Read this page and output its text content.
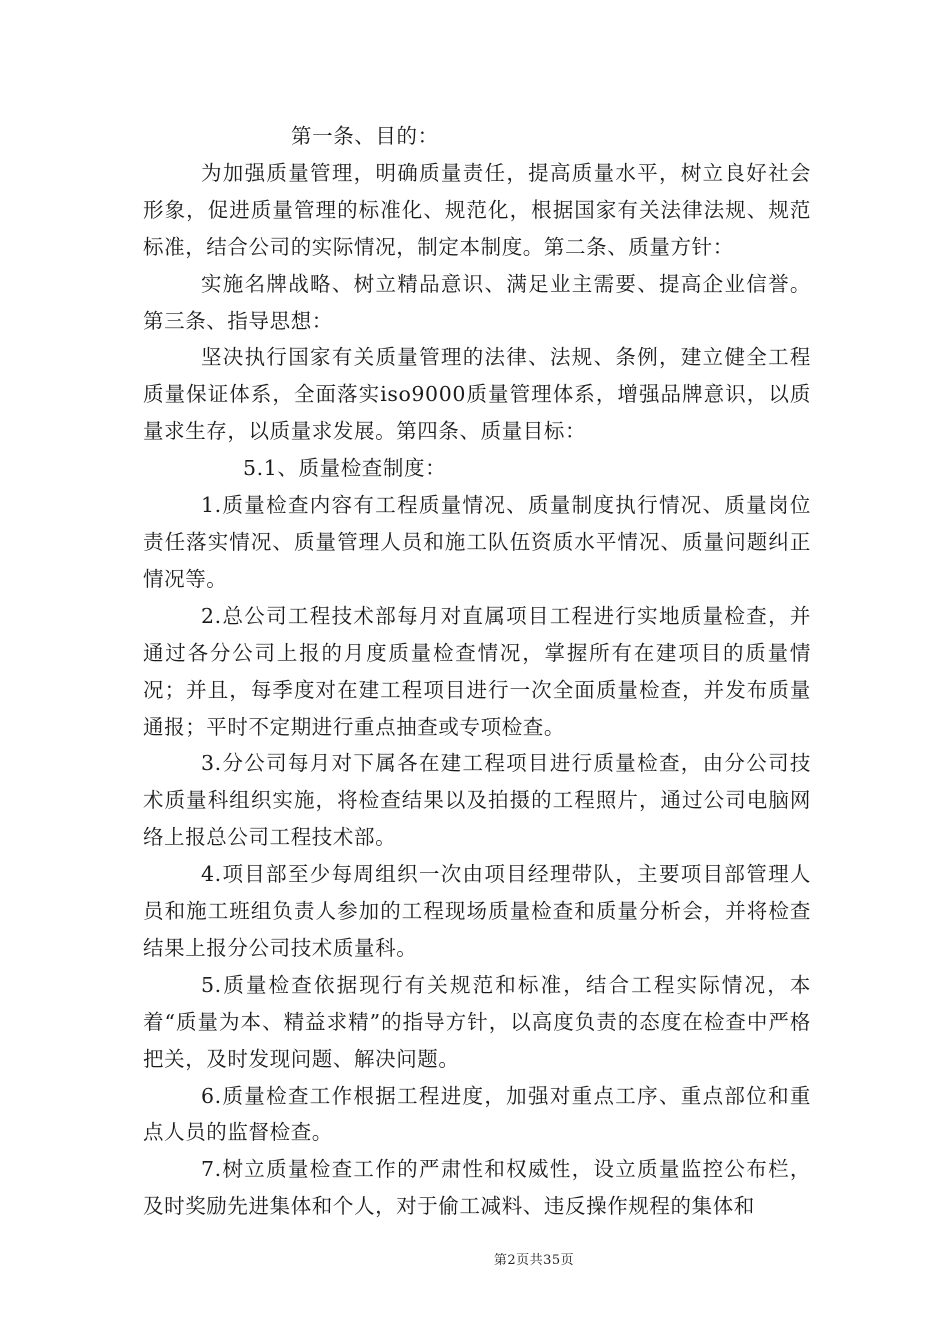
第一条、目的：

为加强质量管理，明确质量责任，提高质量水平，树立良好社会形象，促进质量管理的标准化、规范化，根据国家有关法律法规、规范标准，结合公司的实际情况，制定本制度。第二条、质量方针：

实施名牌战略、树立精品意识、满足业主需要、提高企业信誉。第三条、指导思想：

坚决执行国家有关质量管理的法律、法规、条例，建立健全工程质量保证体系，全面落实iso9000质量管理体系，增强品牌意识，以质量求生存，以质量求发展。第四条、质量目标：

5.1、质量检查制度：

1.质量检查内容有工程质量情况、质量制度执行情况、质量岗位责任落实情况、质量管理人员和施工队伍资质水平情况、质量问题纠正情况等。

2.总公司工程技术部每月对直属项目工程进行实地质量检查，并通过各分公司上报的月度质量检查情况，掌握所有在建项目的质量情况；并且，每季度对在建工程项目进行一次全面质量检查，并发布质量通报；平时不定期进行重点抽查或专项检查。

3.分公司每月对下属各在建工程项目进行质量检查，由分公司技术质量科组织实施，将检查结果以及拍摄的工程照片，通过公司电脑网络上报总公司工程技术部。

4.项目部至少每周组织一次由项目经理带队，主要项目部管理人员和施工班组负责人参加的工程现场质量检查和质量分析会，并将检查结果上报分公司技术质量科。

5.质量检查依据现行有关规范和标准，结合工程实际情况，本着“质量为本、精益求精”的指导方针，以高度负责的态度在检查中严格把关，及时发现问题、解决问题。

6.质量检查工作根据工程进度，加强对重点工序、重点部位和重点人员的监督检查。

7.树立质量检查工作的严肃性和权威性，设立质量监控公布栏，及时奖励先进集体和个人，对于偷工减料、违反操作规程的集体和

第2页共35页
